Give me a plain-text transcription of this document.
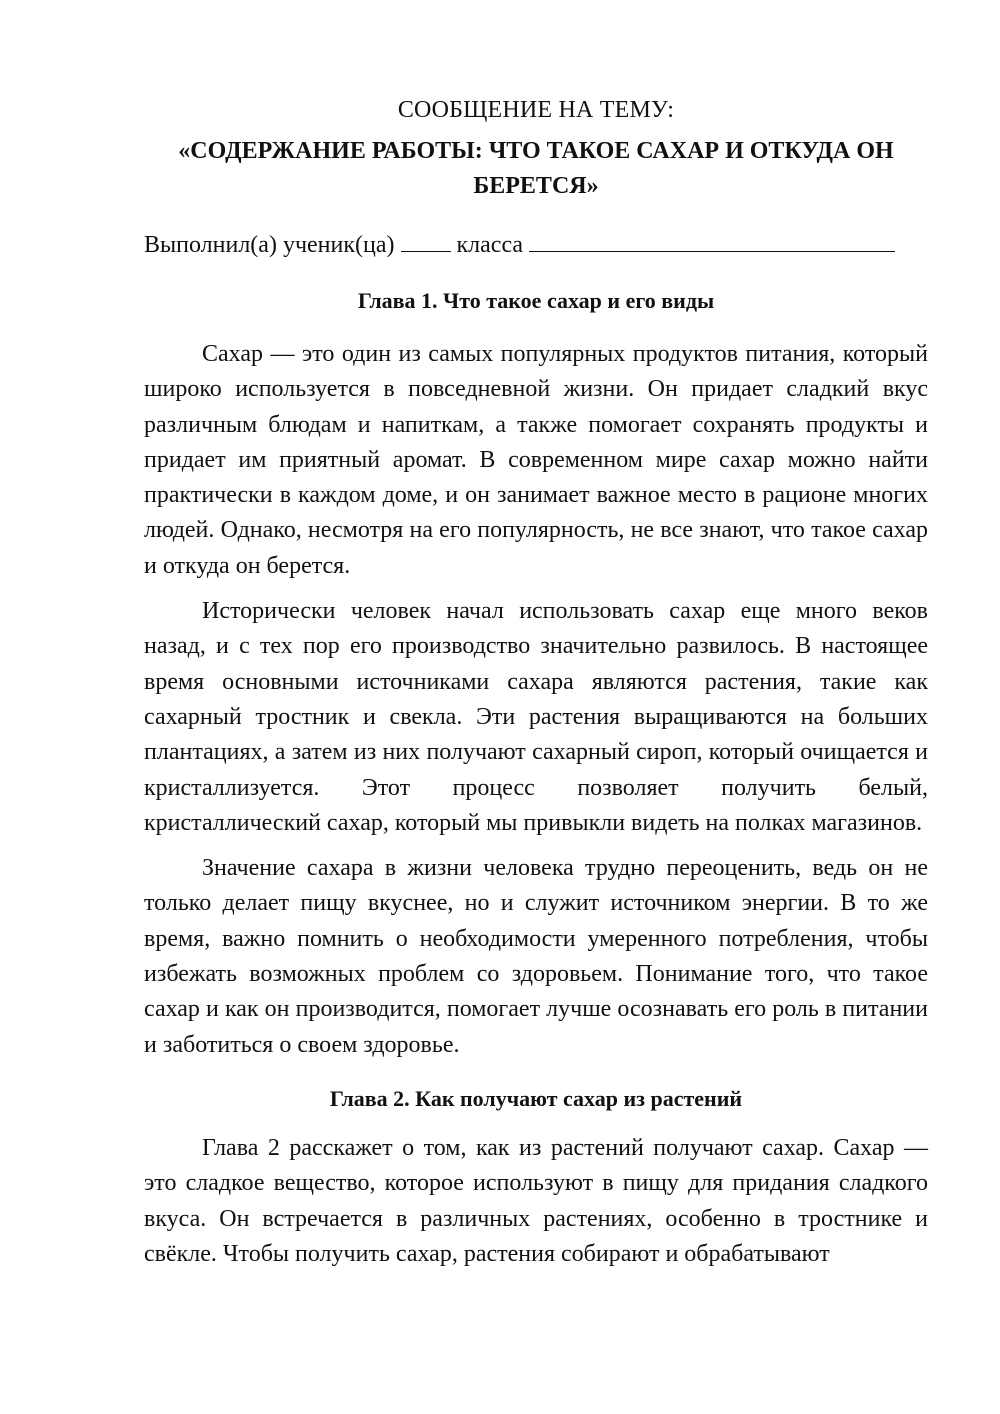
СООБЩЕНИЕ НА ТЕМУ:
«СОДЕРЖАНИЕ РАБОТЫ: ЧТО ТАКОЕ САХАР И ОТКУДА ОН БЕРЕТСЯ»

Выполнил(а) ученик(ца)	класса

Глава 1. Что такое сахар и его виды

Сахар — это один из самых популярных продуктов питания, который широко используется в повседневной жизни. Он придает сладкий вкус различным блюдам и напиткам, а также помогает сохранять продукты и придает им приятный аромат. В современном мире сахар можно найти практически в каждом доме, и он занимает важное место в рационе многих людей. Однако, несмотря на его популярность, не все знают, что такое сахар и откуда он берется.

Исторически человек начал использовать сахар еще много веков назад, и с тех пор его производство значительно развилось. В настоящее время основными источниками сахара являются растения, такие как сахарный тростник и свекла. Эти растения выращиваются на больших плантациях, а затем из них получают сахарный сироп, который очищается и кристаллизуется. Этот процесс позволяет получить белый, кристаллический сахар, который мы привыкли видеть на полках магазинов.

Значение сахара в жизни человека трудно переоценить, ведь он не только делает пищу вкуснее, но и служит источником энергии. В то же время, важно помнить о необходимости умеренного потребления, чтобы избежать возможных проблем со здоровьем. Понимание того, что такое сахар и как он производится, помогает лучше осознавать его роль в питании и заботиться о своем здоровье.

Глава 2. Как получают сахар из растений

Глава 2 расскажет о том, как из растений получают сахар. Сахар — это сладкое вещество, которое используют в пищу для придания сладкого вкуса. Он встречается в различных растениях, особенно в тростнике и свёкле. Чтобы получить сахар, растения собирают и обрабатывают
